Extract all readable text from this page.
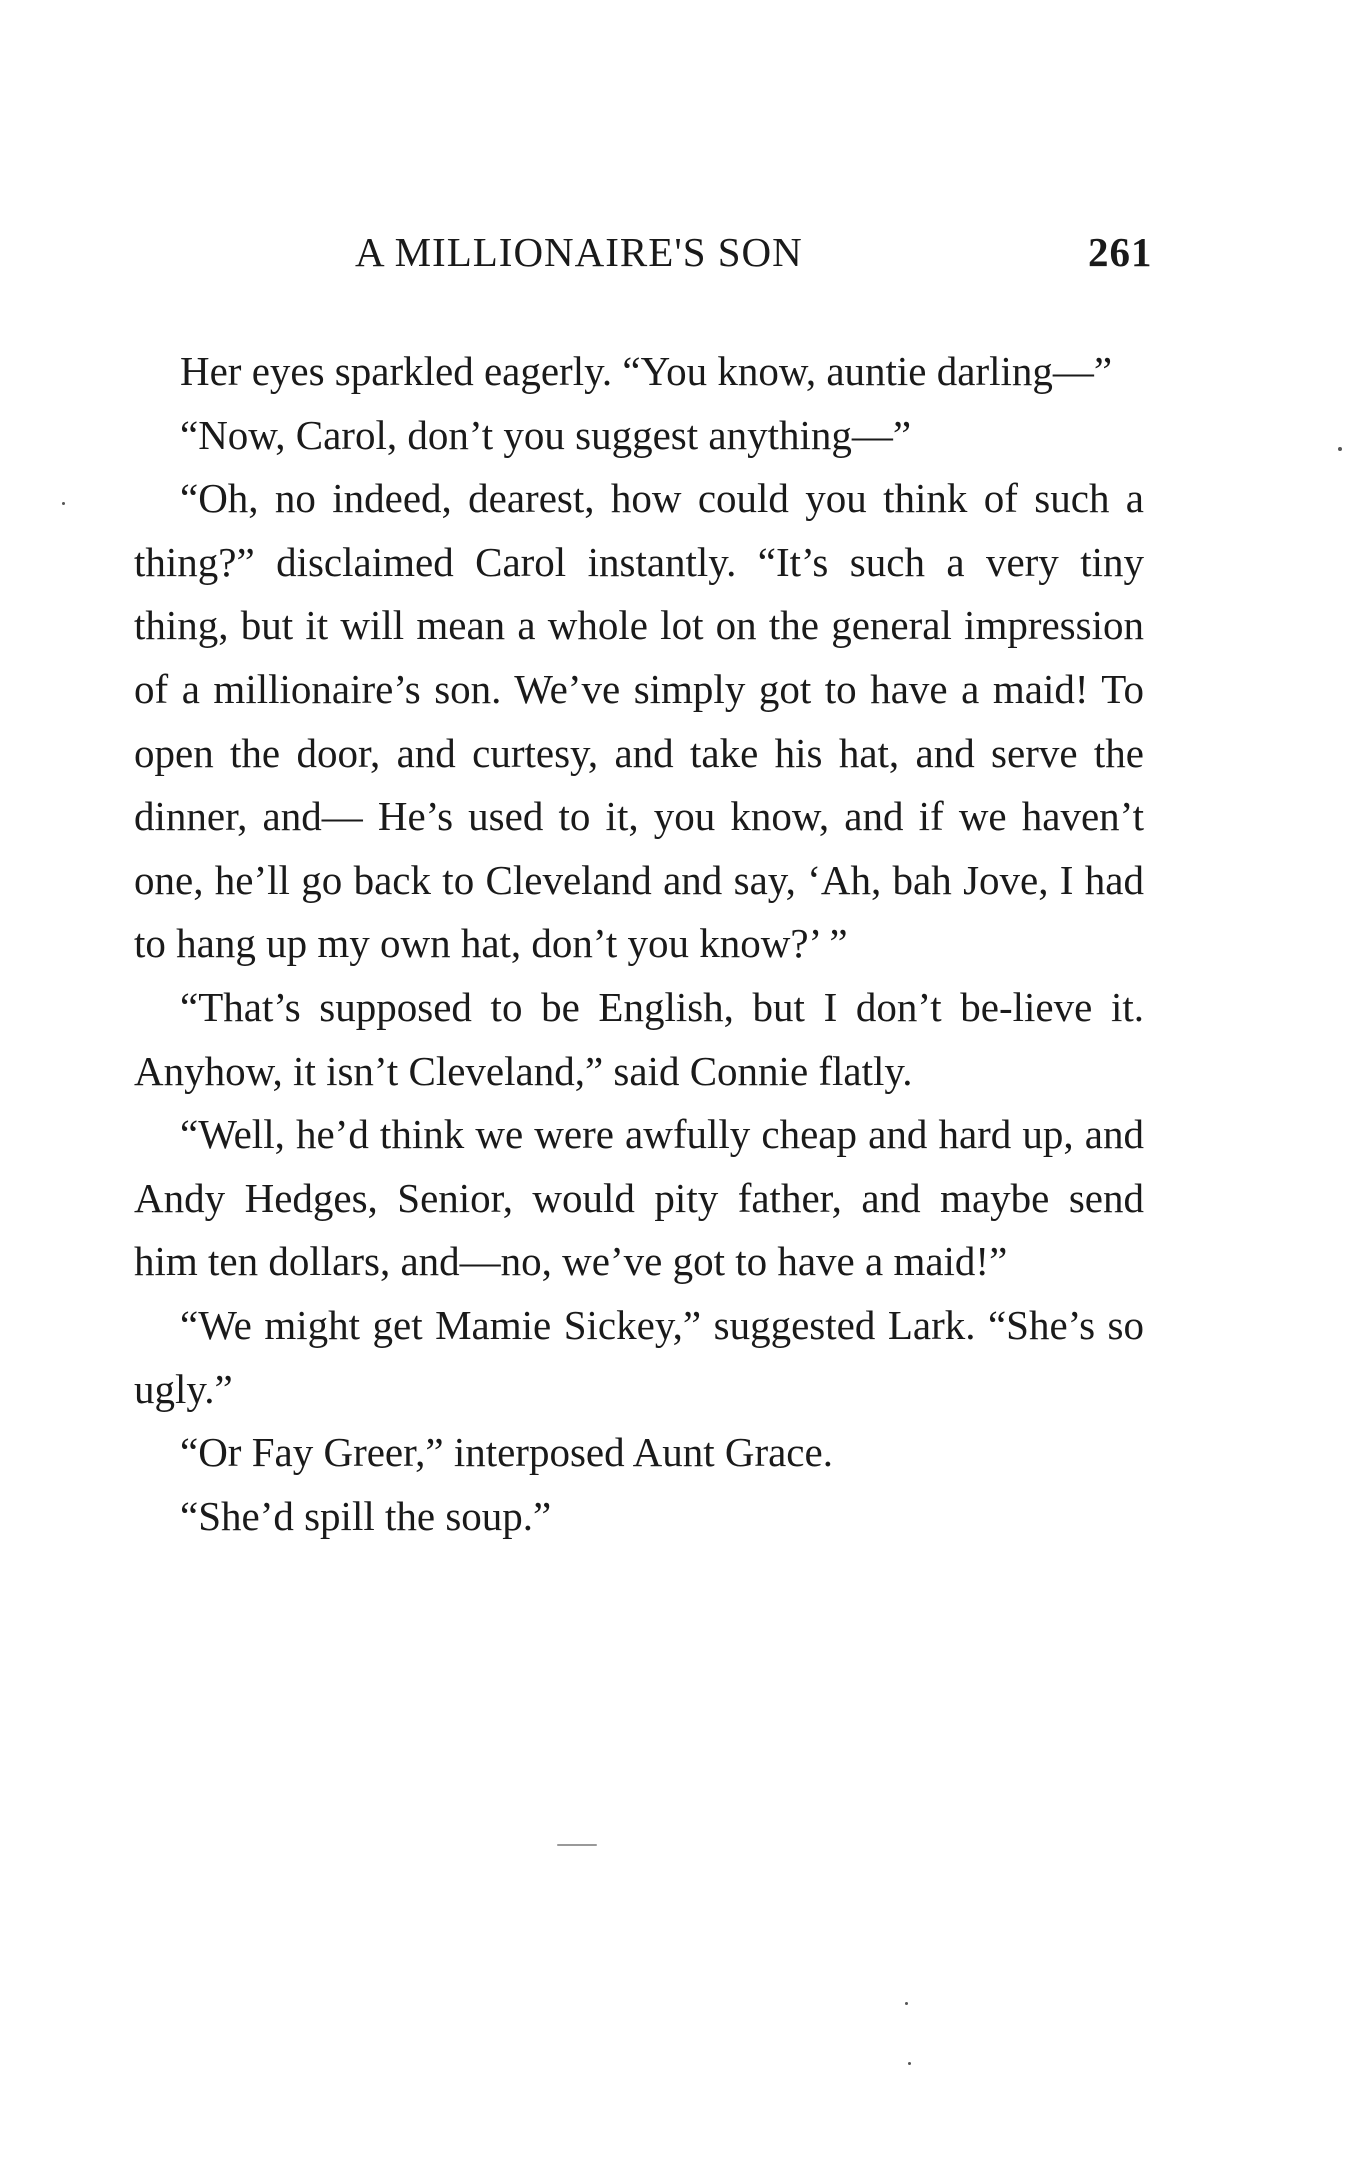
A MILLIONAIRE'S SON	261

Her eyes sparkled eagerly. “You know, auntie darling—”

“Now, Carol, don’t you suggest anything—”

“Oh, no indeed, dearest, how could you think of such a thing?” disclaimed Carol instantly. “It’s such a very tiny thing, but it will mean a whole lot on the general impression of a millionaire’s son. We’ve simply got to have a maid! To open the door, and curtesy, and take his hat, and serve the dinner, and— He’s used to it, you know, and if we haven’t one, he’ll go back to Cleveland and say, ‘Ah, bah Jove, I had to hang up my own hat, don’t you know?’ ”

“That’s supposed to be English, but I don’t be-lieve it. Anyhow, it isn’t Cleveland,” said Connie flatly.

“Well, he’d think we were awfully cheap and hard up, and Andy Hedges, Senior, would pity father, and maybe send him ten dollars, and—no, we’ve got to have a maid!”

“We might get Mamie Sickey,” suggested Lark. “She’s so ugly.”

“Or Fay Greer,” interposed Aunt Grace.

“She’d spill the soup.”
